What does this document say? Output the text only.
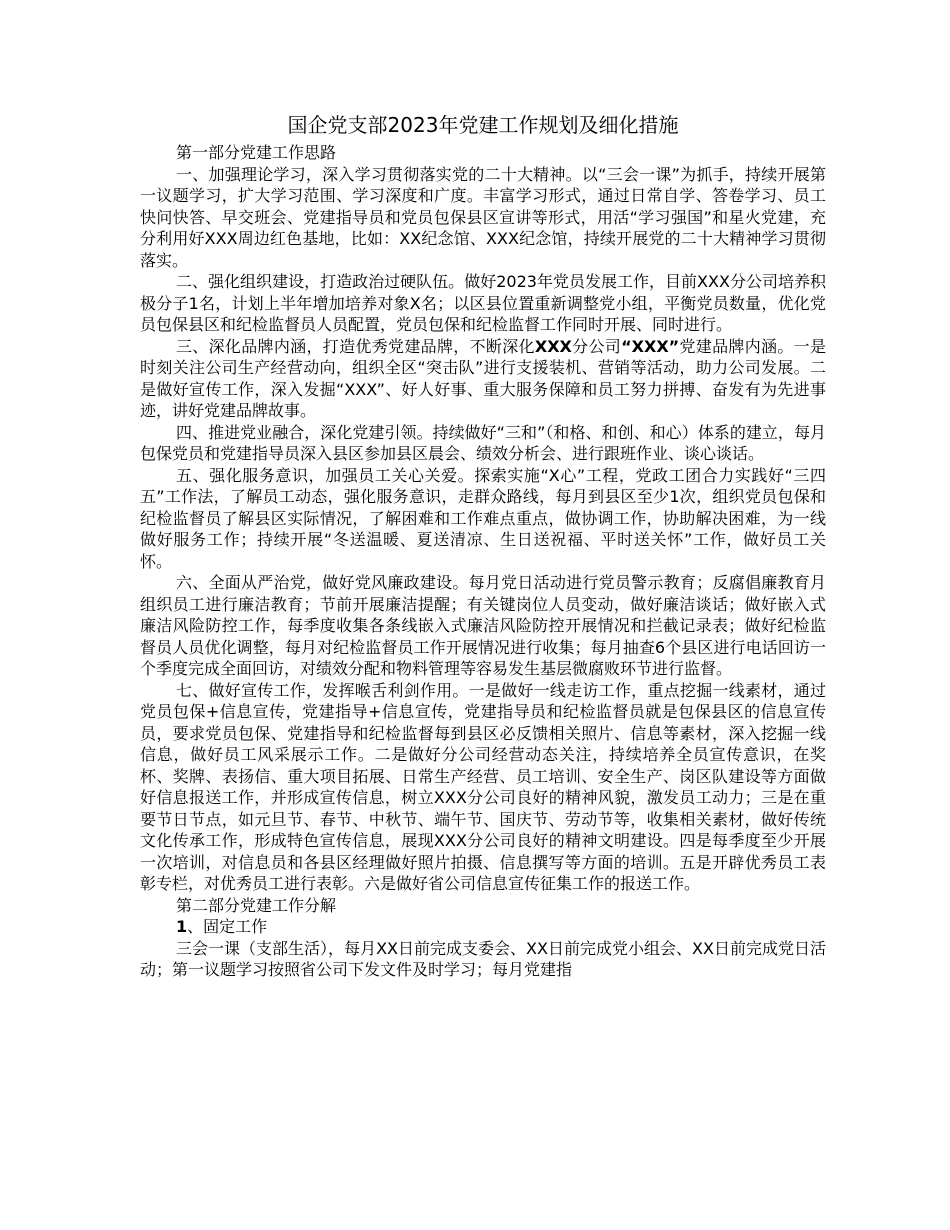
国企党支部2023年党建工作规划及细化措施

第一部分党建工作思路

一、加强理论学习，深入学习贯彻落实党的二十大精神。以“三会一课”为抓手，持续开展第一议题学习，扩大学习范围、学习深度和广度。丰富学习形式，通过日常自学、答卷学习、员工快问快答、早交班会、党建指导员和党员包保县区宣讲等形式，用活“学习强国”和星火党建，充分利用好XXX周边红色基地，比如：XX纪念馆、XXX纪念馆，持续开展党的二十大精神学习贯彻落实。

二、强化组织建设，打造政治过硬队伍。做好2023年党员发展工作，目前XXX分公司培养积极分子1名，计划上半年增加培养对象X名；以区县位置重新调整党小组，平衡党员数量，优化党员包保县区和纪检监督员人员配置，党员包保和纪检监督工作同时开展、同时进行。

三、深化品牌内涵，打造优秀党建品牌，不断深化XXX分公司“XXX”党建品牌内涵。一是时刻关注公司生产经营动向，组织全区“突击队”进行支援装机、营销等活动，助力公司发展。二是做好宣传工作，深入发掘“XXX”、好人好事、重大服务保障和员工努力拼搏、奋发有为先进事迹，讲好党建品牌故事。

四、推进党业融合，深化党建引领。持续做好“三和”（和格、和创、和心）体系的建立，每月包保党员和党建指导员深入县区参加县区晨会、绩效分析会、进行跟班作业、谈心谈话。

五、强化服务意识，加强员工关心关爱。探索实施“X心”工程，党政工团合力实践好“三四五”工作法，了解员工动态，强化服务意识，走群众路线，每月到县区至少1次，组织党员包保和纪检监督员了解县区实际情况，了解困难和工作难点重点，做协调工作，协助解决困难，为一线做好服务工作；持续开展“冬送温暖、夏送清凉、生日送祝福、平时送关怀”工作，做好员工关怀。

六、全面从严治党，做好党风廉政建设。每月党日活动进行党员警示教育；反腐倡廉教育月组织员工进行廉洁教育；节前开展廉洁提醒；有关键岗位人员变动，做好廉洁谈话；做好嵌入式廉洁风险防控工作，每季度收集各条线嵌入式廉洁风险防控开展情况和拦截记录表；做好纪检监督员人员优化调整，每月对纪检监督员工作开展情况进行收集；每月抽查6个县区进行电话回访一个季度完成全面回访，对绩效分配和物料管理等容易发生基层微腐败环节进行监督。

七、做好宣传工作，发挥喉舌利剑作用。一是做好一线走访工作，重点挖掘一线素材，通过党员包保+信息宣传，党建指导+信息宣传，党建指导员和纪检监督员就是包保县区的信息宣传员，要求党员包保、党建指导和纪检监督每到县区必反馈相关照片、信息等素材，深入挖掘一线信息，做好员工风采展示工作。二是做好分公司经营动态关注，持续培养全员宣传意识，在奖杯、奖牌、表扬信、重大项目拓展、日常生产经营、员工培训、安全生产、岗区队建设等方面做好信息报送工作，并形成宣传信息，树立XXX分公司良好的精神风貌，激发员工动力；三是在重要节日节点，如元旦节、春节、中秋节、端午节、国庆节、劳动节等，收集相关素材，做好传统文化传承工作，形成特色宣传信息，展现XXX分公司良好的精神文明建设。四是每季度至少开展一次培训，对信息员和各县区经理做好照片拍摄、信息撰写等方面的培训。五是开辟优秀员工表彰专栏，对优秀员工进行表彰。六是做好省公司信息宣传征集工作的报送工作。

第二部分党建工作分解

1、固定工作

三会一课（支部生活），每月XX日前完成支委会、XX日前完成党小组会、XX日前完成党日活动；第一议题学习按照省公司下发文件及时学习；每月党建指
